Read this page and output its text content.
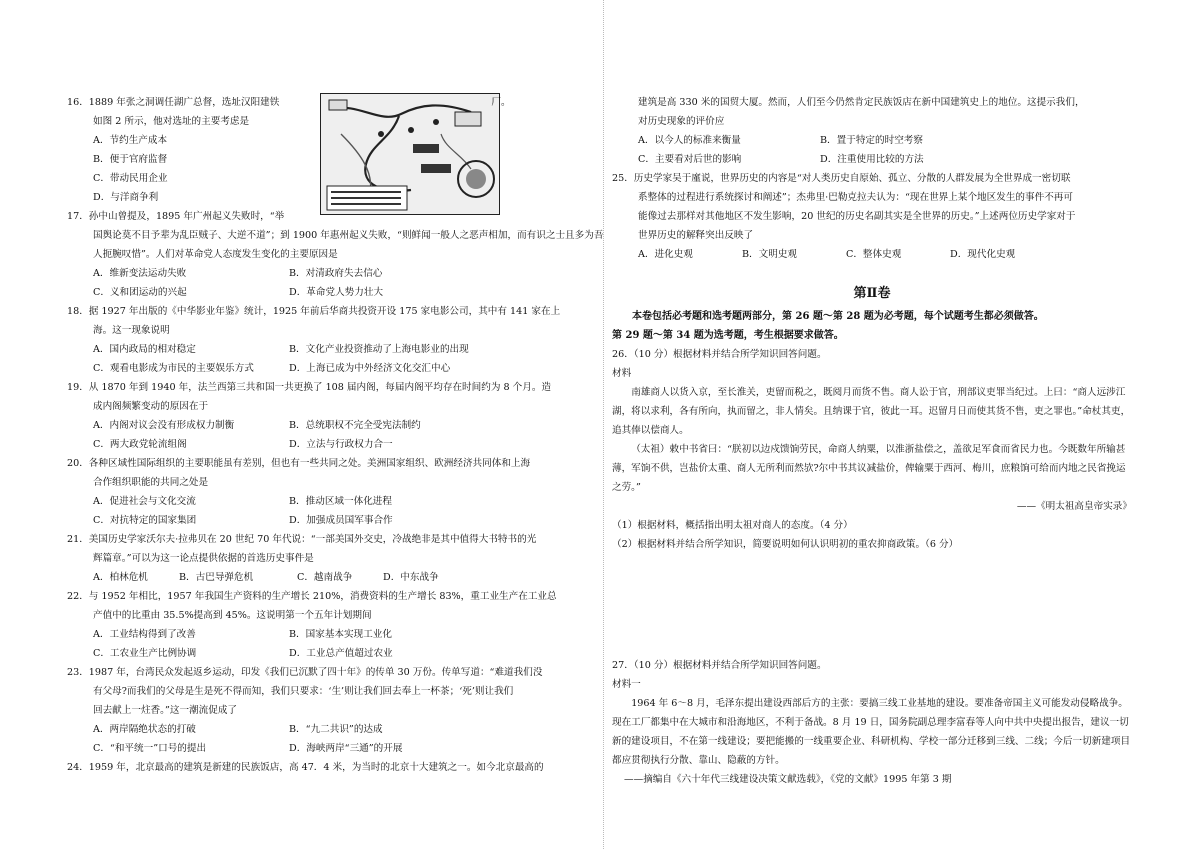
16．1889 年张之洞调任湖广总督，选址汉阳建铁	厂。
如图 2 所示，他对选址的主要考虑是
A．节约生产成本
B．便于官府监督
C．带动民用企业
D．与洋商争利
17．孙中山曾提及，1895 年广州起义失败时，“举
国舆论莫不目予辈为乱臣贼子、大逆不道”；到 1900 年惠州起义失败，“则鲜闻一般人之恶声相加，而有识之士且多为吾人扼腕叹惜”。人们对革命党人态度发生变化的主要原因是
A．维新变法运动失败	B．对清政府失去信心
C．义和团运动的兴起	D．革命党人势力壮大
18．据 1927 年出版的《中华影业年鉴》统计，1925 年前后华商共投资开设 175 家电影公司，其中有 141 家在上
海。这一现象说明
A．国内政局的相对稳定	B．文化产业投资推动了上海电影业的出现
C．观看电影成为市民的主要娱乐方式	D．上海已成为中外经济文化交汇中心
19．从 1870 年到 1940 年，法兰西第三共和国一共更换了 108 届内阁，每届内阁平均存在时间约为 8 个月。造
成内阁频繁变动的原因在于
A．内阁对议会没有形成权力制衡	B．总统职权不完全受宪法制约
C．两大政党轮流组阁	D．立法与行政权力合一
20．各种区域性国际组织的主要职能虽有差别，但也有一些共同之处。美洲国家组织、欧洲经济共同体和上海
合作组织职能的共同之处是
A．促进社会与文化交流	B．推动区域一体化进程
C．对抗特定的国家集团	D．加强成员国军事合作
21．美国历史学家沃尔夫·拉弗贝在 20 世纪 70 年代说：“一部美国外交史，冷战绝非是其中值得大书特书的光
辉篇章。”可以为这一论点提供依据的首选历史事件是
A．柏林危机	B．古巴导弹危机	C．越南战争	D．中东战争
22．与 1952 年相比，1957 年我国生产资料的生产增长 210%，消费资料的生产增长 83%，重工业生产在工业总
产值中的比重由 35.5%提高到 45%。这说明第一个五年计划期间
A．工业结构得到了改善	B．国家基本实现工业化
C．工农业生产比例协调	D．工业总产值超过农业
23．1987 年，台湾民众发起返乡运动，印发《我们已沉默了四十年》的传单 30 万份。传单写道：“难道我们没
有父母?而我们的父母是生是死不得而知，我们只要求：‘生’则让我们回去奉上一杯茶；‘死’则让我们
回去献上一炷香。”这一潮流促成了
A．两岸隔绝状态的打破	B．“九二共识”的达成
C．“和平统一”口号的提出	D．海峡两岸“三通”的开展
24．1959 年，北京最高的建筑是新建的民族饭店，高 47．4 米，为当时的北京十大建筑之一。如今北京最高的
建筑是高 330 米的国贸大厦。然而，人们至今仍然肯定民族饭店在新中国建筑史上的地位。这提示我们，
对历史现象的评价应
A．以今人的标准来衡量	B．置于特定的时空考察
C．主要看对后世的影响	D．注重使用比较的方法
25．历史学家吴于廑说，世界历史的内容是“对人类历史自原始、孤立、分散的人群发展为全世界成一密切联
系整体的过程进行系统探讨和阐述”；杰弗里·巴勒克拉夫认为：“现在世界上某个地区发生的事件不再可
能像过去那样对其他地区不发生影响，20 世纪的历史名副其实是全世界的历史。”上述两位历史学家对于
世界历史的解释突出反映了
A．进化史观	B．文明史观	C．整体史观	D．现代化史观
第Ⅱ卷
本卷包括必考题和选考题两部分，第 26 题～第 28 题为必考题，每个试题考生都必须做答。
第 29 题～第 34 题为选考题，考生根据要求做答。
26．（10 分）根据材料并结合所学知识回答问题。
材料
南雄商人以货入京，至长淮关，吏留而税之，既阅月而货不售。商人讼于官，刑部议吏罪当纪过。上曰：“商人远涉江湖，将以求利，各有所向，执而留之，非人情矣。且纳课于官，彼此一耳。迟留月日而使其货不售，吏之罪也。”命杖其吏，追其俸以偿商人。
（太祖）敕中书省曰：“朕初以边戍馈饷劳民，命商人纳粟，以淮浙盐偿之，盖欲足军食而省民力也。今既数年所输甚薄，军饷不供，岂盐价太重、商人无所利而然欤?尔中书其议减盐价，俾输粟于西河、梅川，庶粮饷可给而内地之民省挽运之劳。”
——《明太祖高皇帝实录》
（1）根据材料，概括指出明太祖对商人的态度。（4 分）
（2）根据材料并结合所学知识，简要说明如何认识明初的重农抑商政策。（6 分）
27．（10 分）根据材料并结合所学知识回答问题。
材料一
1964 年 6～8 月，毛泽东提出建设西部后方的主张：要搞三线工业基地的建设。要准备帝国主义可能发动侵略战争。现在工厂都集中在大城市和沿海地区，不利于备战。8 月 19 日，国务院副总理李富春等人向中共中央提出报告，建议一切新的建设项目，不在第一线建设；要把能搬的一线重要企业、科研机构、学校一部分迁移到三线、二线；今后一切新建项目都应贯彻执行分散、靠山、隐蔽的方针。
——摘编自《六十年代三线建设决策文献选载》，《党的文献》1995 年第 3 期
